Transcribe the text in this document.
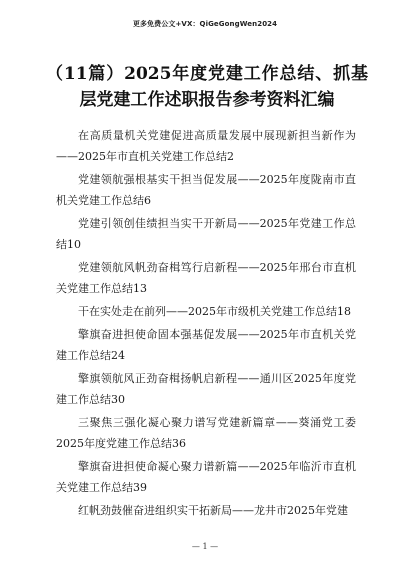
更多免费公文+VX：QiGeGongWen2024
（11篇）2025年度党建工作总结、抓基层党建工作述职报告参考资料汇编

在高质量机关党建促进高质量发展中展现新担当新作为——2025年市直机关党建工作总结2

党建领航强根基实干担当促发展——2025年度陇南市直机关党建工作总结6

党建引领创佳绩担当实干开新局——2025年党建工作总结10

党建领航风帆劲奋楫笃行启新程——2025年邢台市直机关党建工作总结13

干在实处走在前列——2025年市级机关党建工作总结18

擎旗奋进担使命固本强基促发展——2025年市直机关党建工作总结24

擎旗领航风正劲奋楫扬帆启新程——通川区2025年度党建工作总结30

三聚焦三强化凝心聚力谱写党建新篇章——葵涌党工委2025年度党建工作总结36

擎旗奋进担使命凝心聚力谱新篇——2025年临沂市直机关党建工作总结39

红帆劲鼓催奋进组织实干拓新局——龙井市2025年党建

— 1 —
